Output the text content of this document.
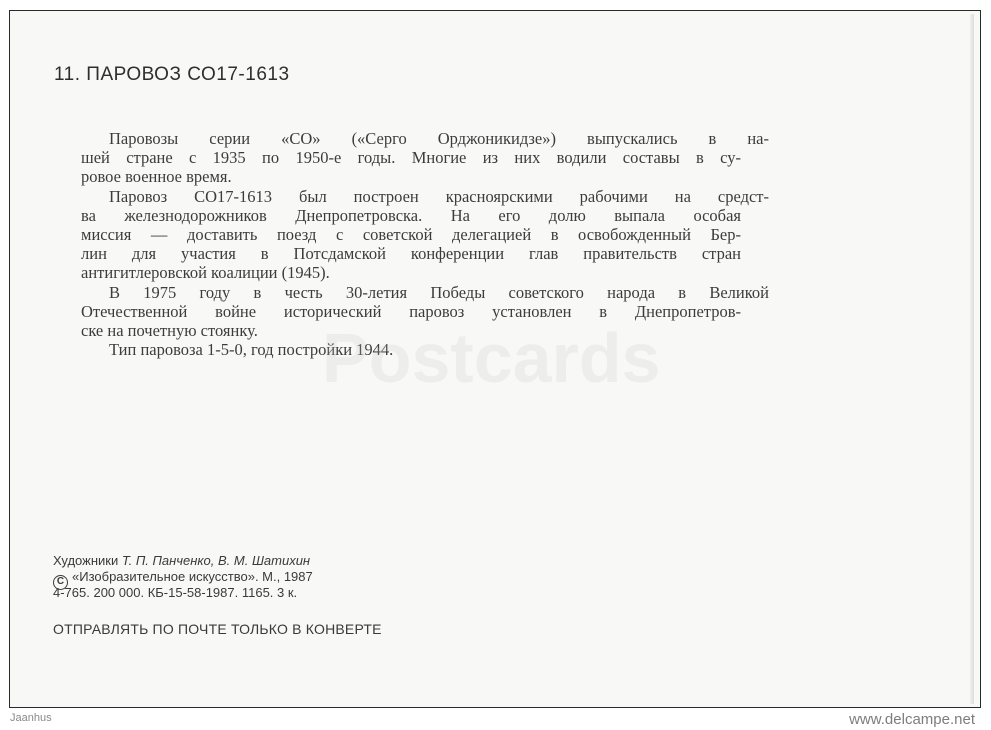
11. ПАРОВОЗ СО17-1613
Паровозы серии «СО» («Серго Орджоникидзе») выпускались в на-
шей стране с 1935 по 1950-е годы. Многие из них водили составы в су-
ровое военное время.
Паровоз СО17-1613 был построен красноярскими рабочими на средст-
ва железнодорожников Днепропетровска. На его долю выпала особая
миссия — доставить поезд с советской делегацией в освобожденный Бер-
лин для участия в Потсдамской конференции глав правительств стран
антигитлеровской коалиции (1945).
В 1975 году в честь 30-летия Победы советского народа в Великой
Отечественной войне исторический паровоз установлен в Днепропетров-
ске на почетную стоянку.
Тип паровоза 1-5-0, год постройки 1944.
Postcards
Художники Т. П. Панченко, В. М. Шатихин
C «Изобразительное искусство». М., 1987
4-765. 200 000. КБ-15-58-1987. 1165. 3 к.
ОТПРАВЛЯТЬ ПО ПОЧТЕ ТОЛЬКО В КОНВЕРТЕ
Jaanhus	www.delcampe.net
